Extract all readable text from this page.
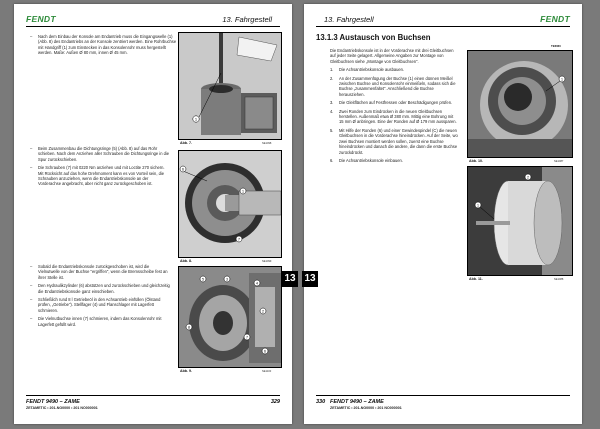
FENDT	13. Fahrgestell
– Nach dem Einbau der Konsole am Endantrieb muss die Eingangswelle (1) (Abb. 8) des Endantriebs an der Konsole zentriert werden. Eine Rohrbuchse mit Handgriff (1) zum Einstecken in das Konsolenrohr muss hergestellt werden. Maße: Außen Ø 80 mm, innen Ø 45 mm.
1
Abb. 7.	NE1098
– Beim Zusammenbau die Dichtungsringe (5) (Abb. 8) auf das Rohr schieben. Nach dem Anziehen aller Schrauben die Dichtungsringe in die Spur zurückschieben.
– Die Schrauben (7) mit 0220 Nm anziehen und mit Loctite 270 sichern. Mit Rücksicht auf das hohe Drehmoment kann es von Vorteil sein, die Schrauben anzuziehen, wenn die Endantriebskonsole an der Vorderachse angebracht, aber nicht ganz zurückgeschoben ist.
6
1
7
Abb. 8.	NE1099
– Sobald die Endantriebskonsole zurückgeschoben ist, wird die Vielnutwelle von der Buchse "ergriffen", wenn die Bremsscheibe fest an ihrer Stelle ist.
– Den Hydraulikzylinder (6) abstützen und zurückschieben und gleichzeitig die Endantriebskonsole ganz einschieben.
– Schließlich rund 8 l Getriebeöl in den Achsantrieb einfüllen (Ölstand prüfen, „Getriebe"). Stellfager (4) und Flanschlager mit Lagerfett schmieren.
– Die Vielnutbuchse innen (7) schmieren, indem das Konsolenrohr mit Lagerfett gefüllt wird.
5	3
4
2
8
7
6
Abb. 9.	NE1100
FENDT 9490 – ZAME
ZETAMETIC • 201-NO0000 • 201 NO000001
329
13. Fahrgestell	FENDT
13.1.3 Austausch von Buchsen
TE6060
Die Endantriebskonsole ist in der Vorderachse mit drei Gleitbuchsen auf jeder Seite gelagert. Allgemeine Angaben zur Montage von Gleitbuchsen siehe „Montage von Gleitbuchsen".
1. Die Achsantriebskonsole ausbauen.
2. An der Zusammenfügung der Buchse (1) einen dünnen Meißel zwischen Buchse und Konsolenrohr einmeißeln, sodass sich die Buchse „zusammenfaltet". Anschließend die Buchse herausziehen.
3. Die Gleitflächen auf Festfressen oder Beschädigungen prüfen.
4. Zwei Ronden zum Eindrücken in die neuen Gleitbuchsen herstellen. Außenmaß etwa Ø 380 mm. Mittig eine Bohrung mit 15 mm Ø anbringen. Eine der Ronden auf Ø 179 mm aussparen.
5. Mit Hilfe der Ronden (6) und einer Gewindespindel (C) die neuen Gleitbuchsen in die Vorderachse hineindrücken. Auf der Seite, wo zwei Buchsen montiert werden sollen, zuerst eine Buchse hineindrücken und danach die andere, die dann die erste Buchse zurückdrückt.
6. Die Achsantriebskonsole einbauen.
1
Abb. 10.	NE1087
1
2
Abb. 11.	NE1088
330 FENDT 9490 – ZAME
ZETAMETIC • 201-NO0000 • 201 NO000001
13 13
